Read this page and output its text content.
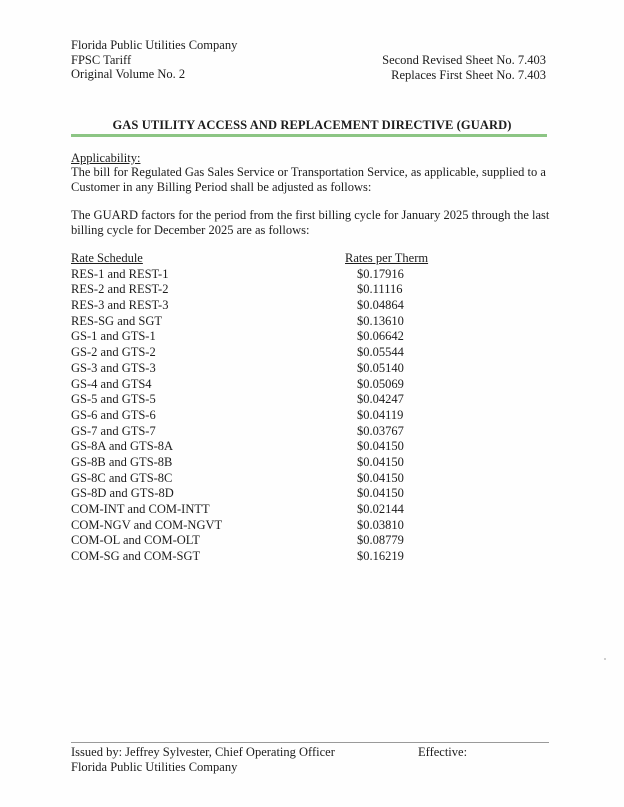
Florida Public Utilities Company
FPSC Tariff
Original Volume No. 2
Second Revised Sheet No. 7.403
Replaces First Sheet No. 7.403
GAS UTILITY ACCESS AND REPLACEMENT DIRECTIVE (GUARD)
Applicability:
The bill for Regulated Gas Sales Service or Transportation Service, as applicable, supplied to a
Customer in any Billing Period shall be adjusted as follows:
The GUARD factors for the period from the first billing cycle for January 2025 through the last
billing cycle for December 2025 are as follows:
Rate Schedule	Rates per Therm
RES-1 and REST-1	$0.17916
RES-2 and REST-2	$0.11116
RES-3 and REST-3	$0.04864
RES-SG and SGT	$0.13610
GS-1 and GTS-1	$0.06642
GS-2 and GTS-2	$0.05544
GS-3 and GTS-3	$0.05140
GS-4 and GTS4	$0.05069
GS-5 and GTS-5	$0.04247
GS-6 and GTS-6	$0.04119
GS-7 and GTS-7	$0.03767
GS-8A and GTS-8A	$0.04150
GS-8B and GTS-8B	$0.04150
GS-8C and GTS-8C	$0.04150
GS-8D and GTS-8D	$0.04150
COM-INT and COM-INTT	$0.02144
COM-NGV and COM-NGVT	$0.03810
COM-OL and COM-OLT	$0.08779
COM-SG and COM-SGT	$0.16219
Issued by: Jeffrey Sylvester, Chief Operating Officer
Florida Public Utilities Company
Effective:
